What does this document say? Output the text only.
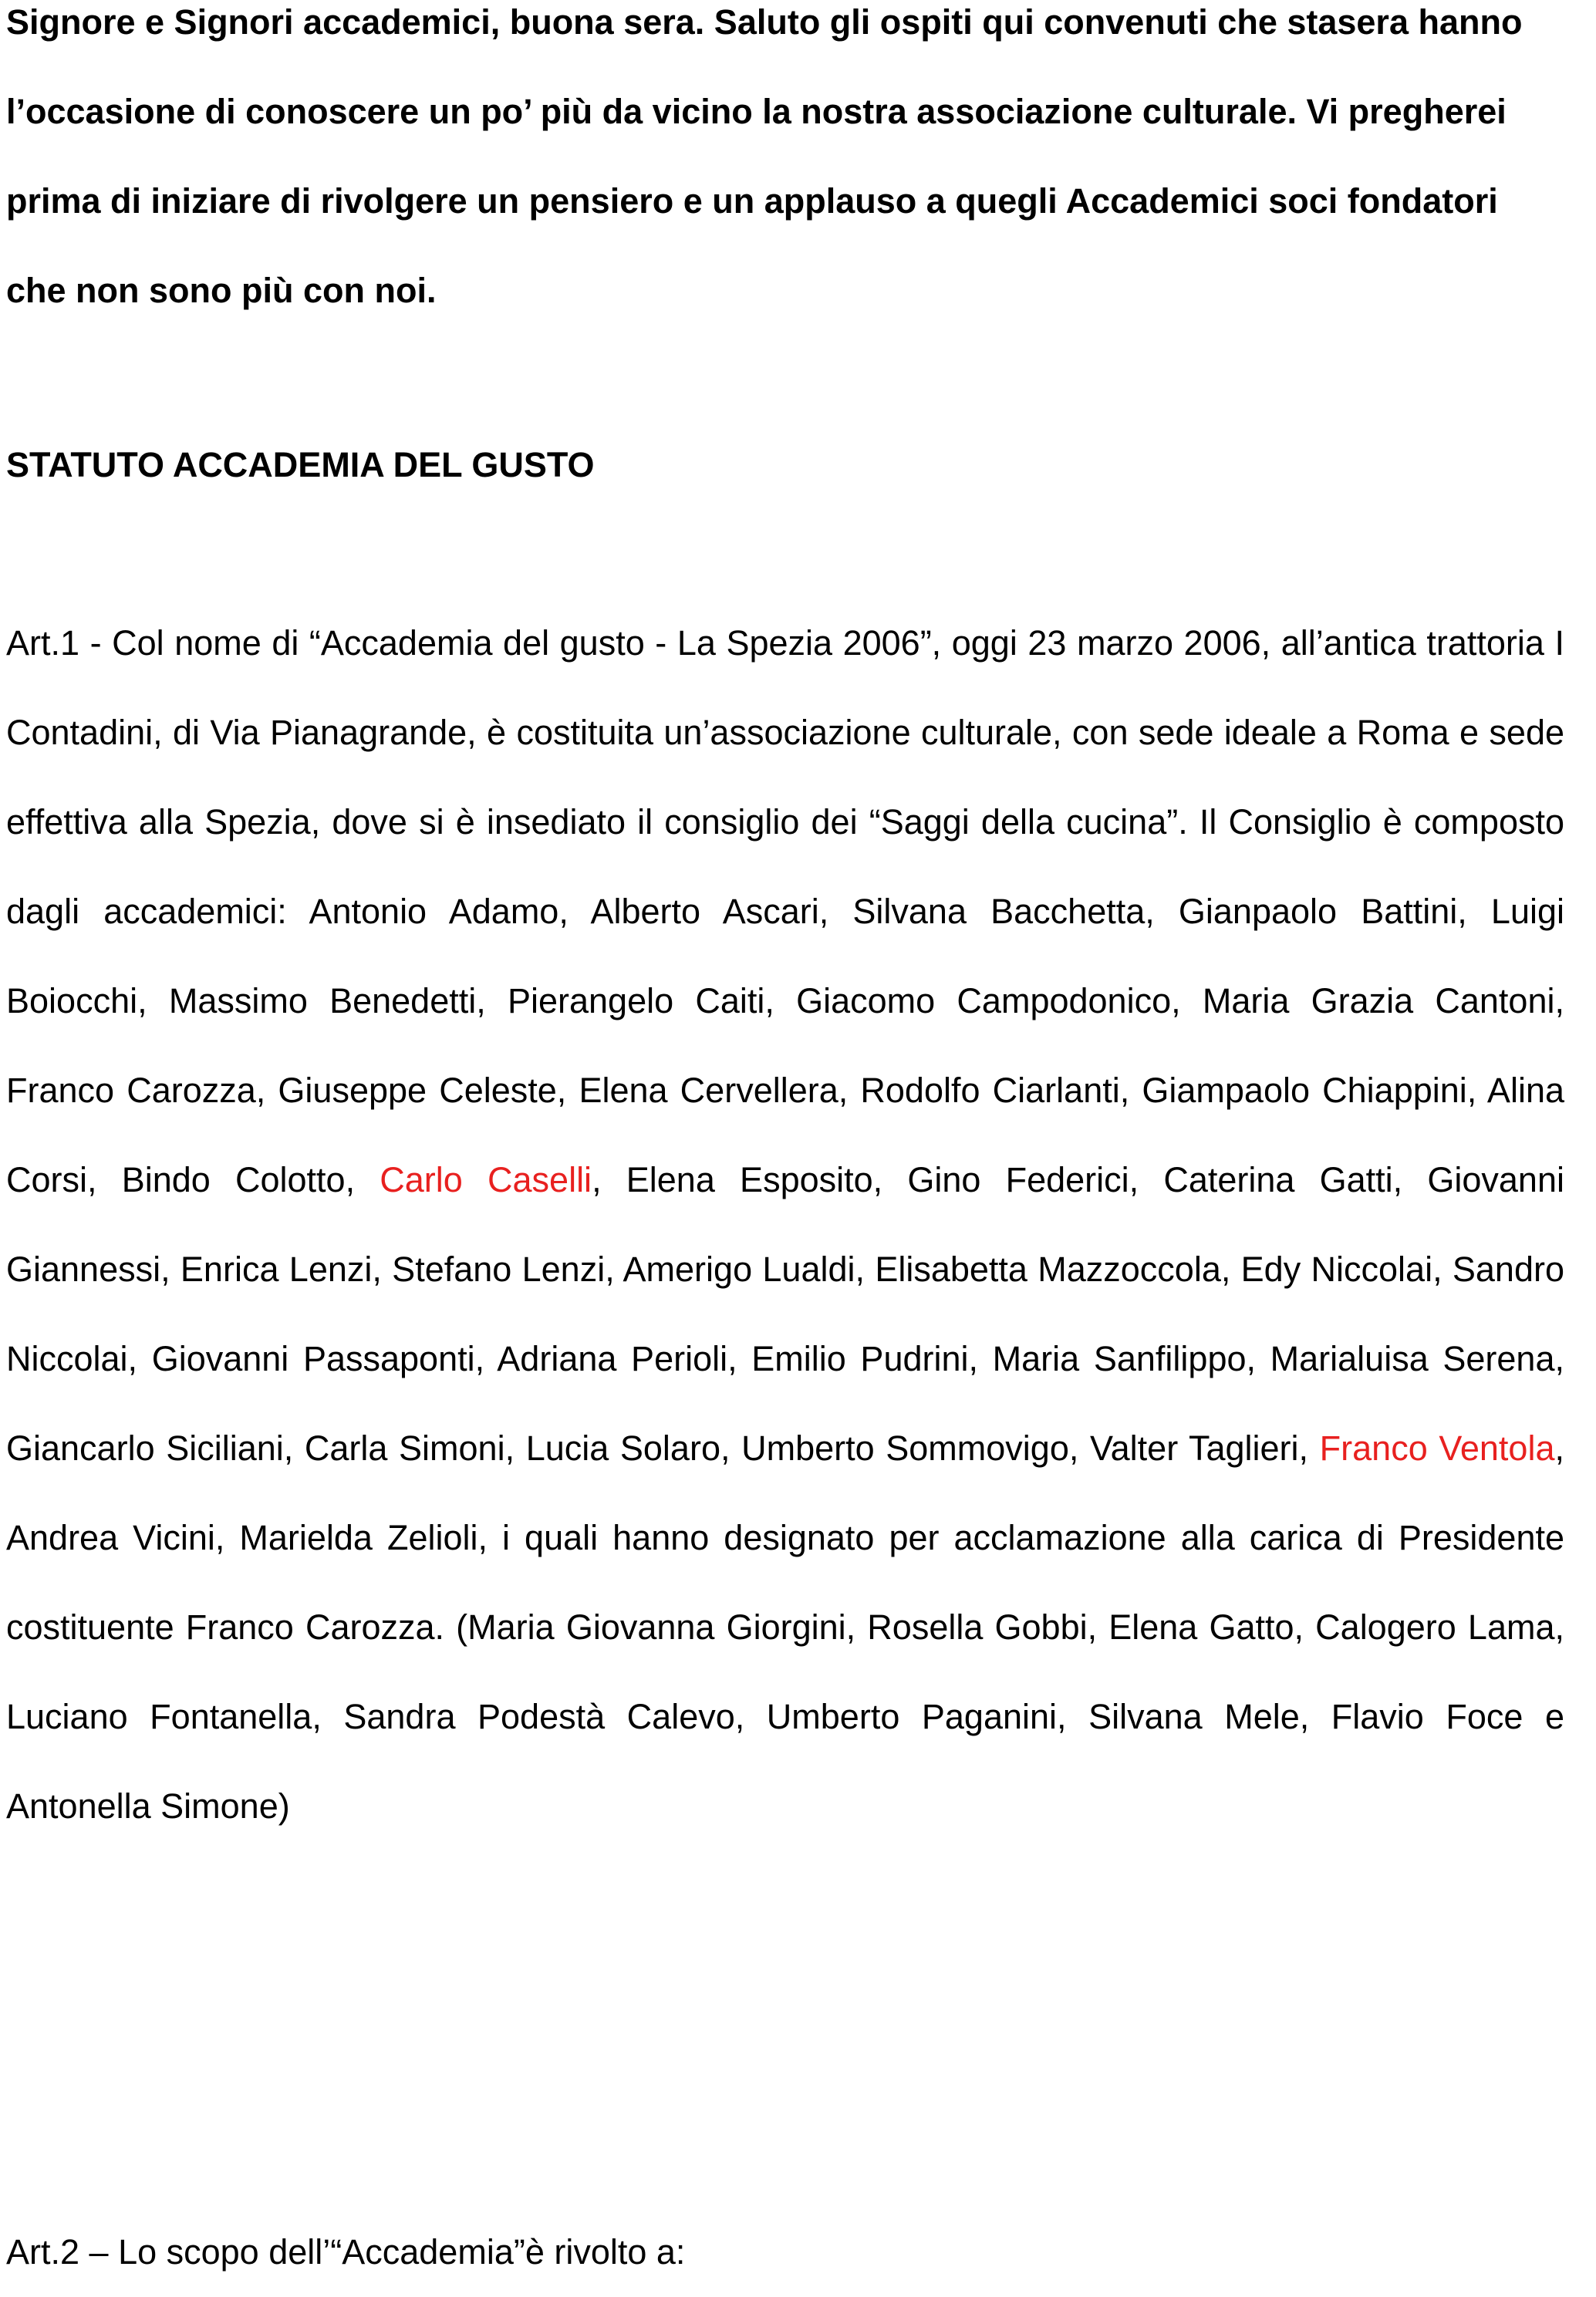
Signore e Signori accademici, buona sera. Saluto gli ospiti qui convenuti che stasera hanno l’occasione di conoscere un po’ più da vicino la nostra associazione culturale. Vi pregherei prima di iniziare di rivolgere un pensiero e un applauso a quegli Accademici soci fondatori che non sono più con noi.

STATUTO ACCADEMIA DEL GUSTO

Art.1 - Col nome di “Accademia del gusto - La Spezia 2006”, oggi 23 marzo 2006, all’antica trattoria I Contadini, di Via Pianagrande, è costituita un’associazione culturale, con sede ideale a Roma e sede effettiva alla Spezia, dove si è insediato il consiglio dei “Saggi della cucina”. Il Consiglio è composto dagli accademici: Antonio Adamo, Alberto Ascari, Silvana Bacchetta, Gianpaolo Battini, Luigi Boiocchi, Massimo Benedetti, Pierangelo Caiti, Giacomo Campodonico, Maria Grazia Cantoni, Franco Carozza, Giuseppe Celeste, Elena Cervellera, Rodolfo Ciarlanti, Giampaolo Chiappini, Alina Corsi, Bindo Colotto, Carlo Caselli, Elena Esposito, Gino Federici, Caterina Gatti, Giovanni Giannessi, Enrica Lenzi, Stefano Lenzi, Amerigo Lualdi, Elisabetta Mazzoccola, Edy Niccolai, Sandro Niccolai, Giovanni Passaponti, Adriana Perioli, Emilio Pudrini, Maria Sanfilippo, Marialuisa Serena, Giancarlo Siciliani, Carla Simoni, Lucia Solaro, Umberto Sommovigo, Valter Taglieri, Franco Ventola, Andrea Vicini, Marielda Zelioli, i quali hanno designato per acclamazione alla carica di Presidente costituente Franco Carozza. (Maria Giovanna Giorgini, Rosella Gobbi, Elena Gatto, Calogero Lama, Luciano Fontanella, Sandra Podestà Calevo, Umberto Paganini, Silvana Mele, Flavio Foce e Antonella Simone)

Art.2 – Lo scopo dell’“Accademia”è rivolto a:
